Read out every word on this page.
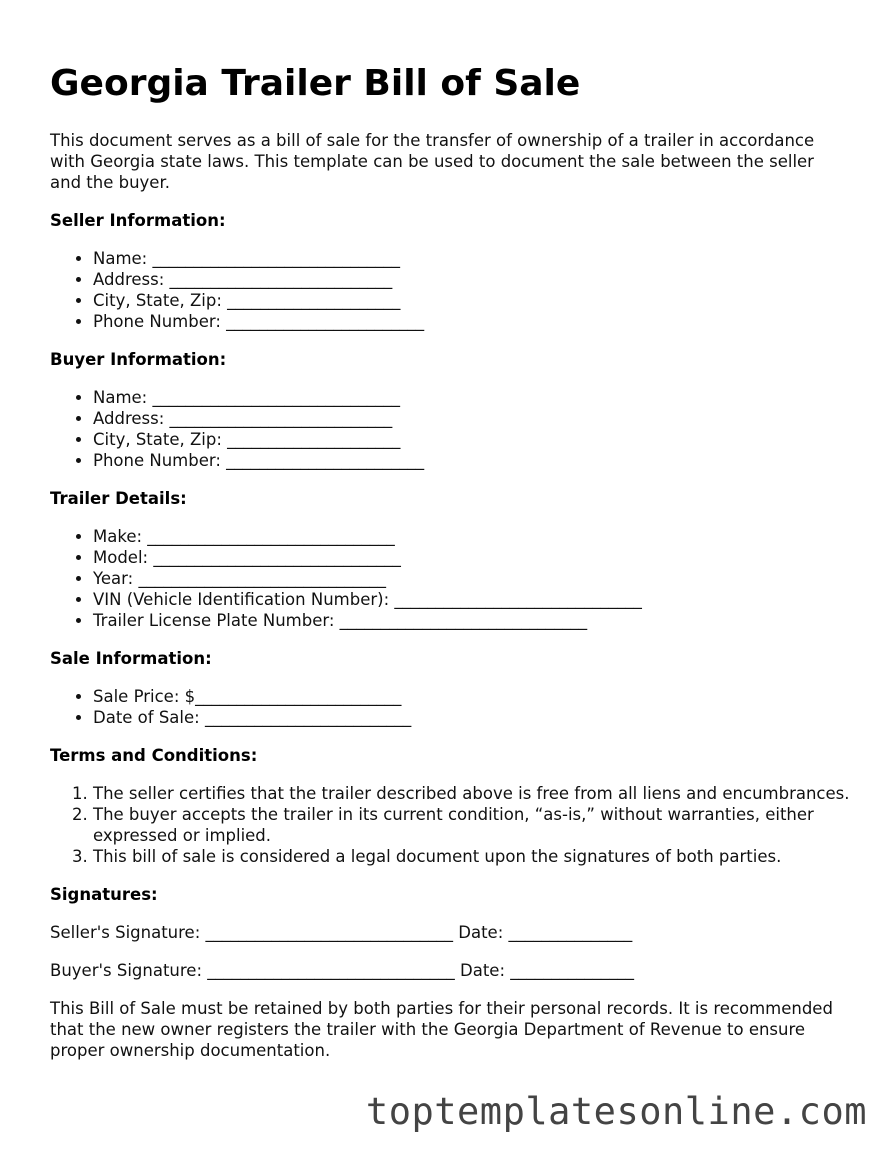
Georgia Trailer Bill of Sale

This document serves as a bill of sale for the transfer of ownership of a trailer in accordance with Georgia state laws. This template can be used to document the sale between the seller and the buyer.

Seller Information:
• Name: ______________________________
• Address: ___________________________
• City, State, Zip: _____________________
• Phone Number: ________________________
Buyer Information:
• Name: ______________________________
• Address: ___________________________
• City, State, Zip: _____________________
• Phone Number: ________________________
Trailer Details:
• Make: ______________________________
• Model: ______________________________
• Year: ______________________________
• VIN (Vehicle Identification Number): ______________________________
• Trailer License Plate Number: ______________________________
Sale Information:
• Sale Price: $_________________________
• Date of Sale: _________________________
Terms and Conditions:
1. The seller certifies that the trailer described above is free from all liens and encumbrances.
2. The buyer accepts the trailer in its current condition, “as-is,” without warranties, either expressed or implied.
3. This bill of sale is considered a legal document upon the signatures of both parties.
Signatures:

Seller's Signature: ______________________________ Date: _______________

Buyer's Signature: ______________________________ Date: _______________

This Bill of Sale must be retained by both parties for their personal records. It is recommended that the new owner registers the trailer with the Georgia Department of Revenue to ensure proper ownership documentation.

toptemplatesonline.com
